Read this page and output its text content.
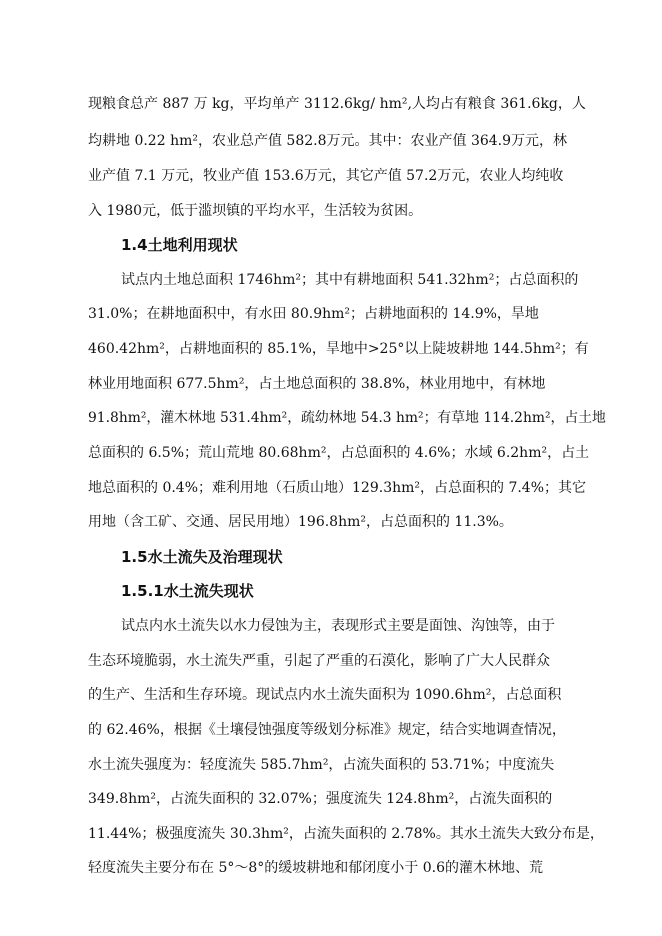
现粮食总产 887 万 kg，平均单产 3112.6kg/ hm²,人均占有粮食 361.6kg，人
均耕地 0.22 hm²，农业总产值 582.8万元。其中：农业产值 364.9万元，林
业产值 7.1 万元，牧业产值 153.6万元，其它产值 57.2万元，农业人均纯收
入 1980元，低于滥坝镇的平均水平，生活较为贫困。
1.4土地利用现状
试点内土地总面积 1746hm²；其中有耕地面积 541.32hm²；占总面积的
31.0%；在耕地面积中，有水田 80.9hm²；占耕地面积的 14.9%，旱地
460.42hm²，占耕地面积的 85.1%，旱地中>25°以上陡坡耕地 144.5hm²；有
林业用地面积 677.5hm²，占土地总面积的 38.8%，林业用地中，有林地
91.8hm²，灌木林地 531.4hm²，疏幼林地 54.3 hm²；有草地 114.2hm²，占土地
总面积的 6.5%；荒山荒地 80.68hm²，占总面积的 4.6%；水域 6.2hm²，占土
地总面积的 0.4%；难利用地（石质山地）129.3hm²，占总面积的 7.4%；其它
用地（含工矿、交通、居民用地）196.8hm²，占总面积的 11.3%。
1.5水土流失及治理现状
1.5.1水土流失现状
试点内水土流失以水力侵蚀为主，表现形式主要是面蚀、沟蚀等，由于
生态环境脆弱，水土流失严重，引起了严重的石漠化，影响了广大人民群众
的生产、生活和生存环境。现试点内水土流失面积为 1090.6hm²，占总面积
的 62.46%，根据《土壤侵蚀强度等级划分标准》规定，结合实地调查情况，
水土流失强度为：轻度流失 585.7hm²，占流失面积的 53.71%；中度流失
349.8hm²，占流失面积的 32.07%；强度流失 124.8hm²，占流失面积的
11.44%；极强度流失 30.3hm²，占流失面积的 2.78%。其水土流失大致分布是，
轻度流失主要分布在 5°～8°的缓坡耕地和郁闭度小于 0.6的灌木林地、荒
